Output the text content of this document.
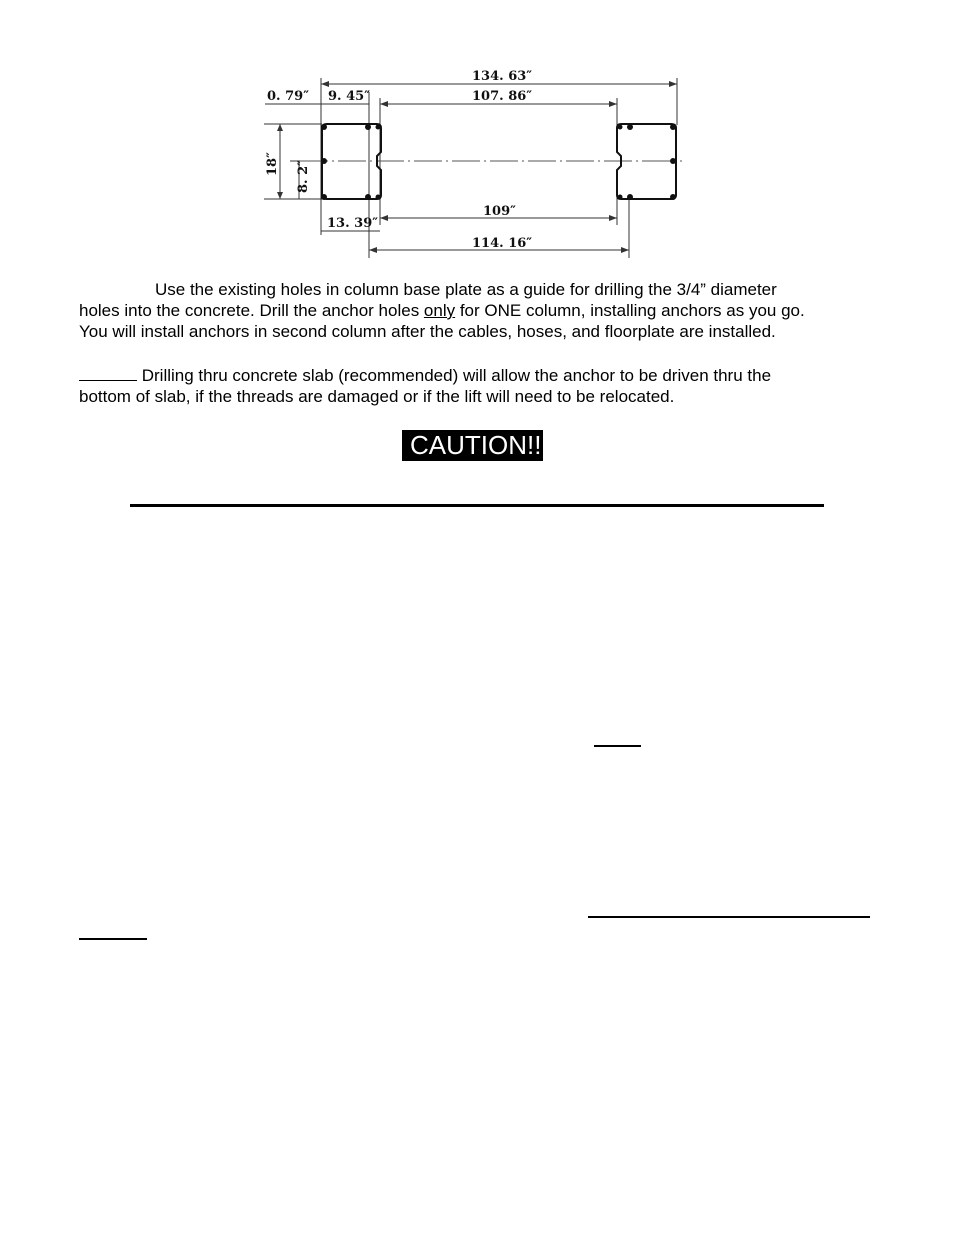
134. 63″
0. 79″ 9. 45″	107. 86″
18″ 8. 2″
13. 39″
109″
114. 16″
Use the existing holes in column base plate as a guide for drilling the 3/4” diameter
holes into the concrete. Drill the anchor holes only for ONE column, installing anchors as you go.
You will install anchors in second column after the cables, hoses, and floorplate are installed.
Drilling thru concrete slab (recommended) will allow the anchor to be driven thru the
bottom of slab, if the threads are damaged or if the lift will need to be relocated.
CAUTION!!
